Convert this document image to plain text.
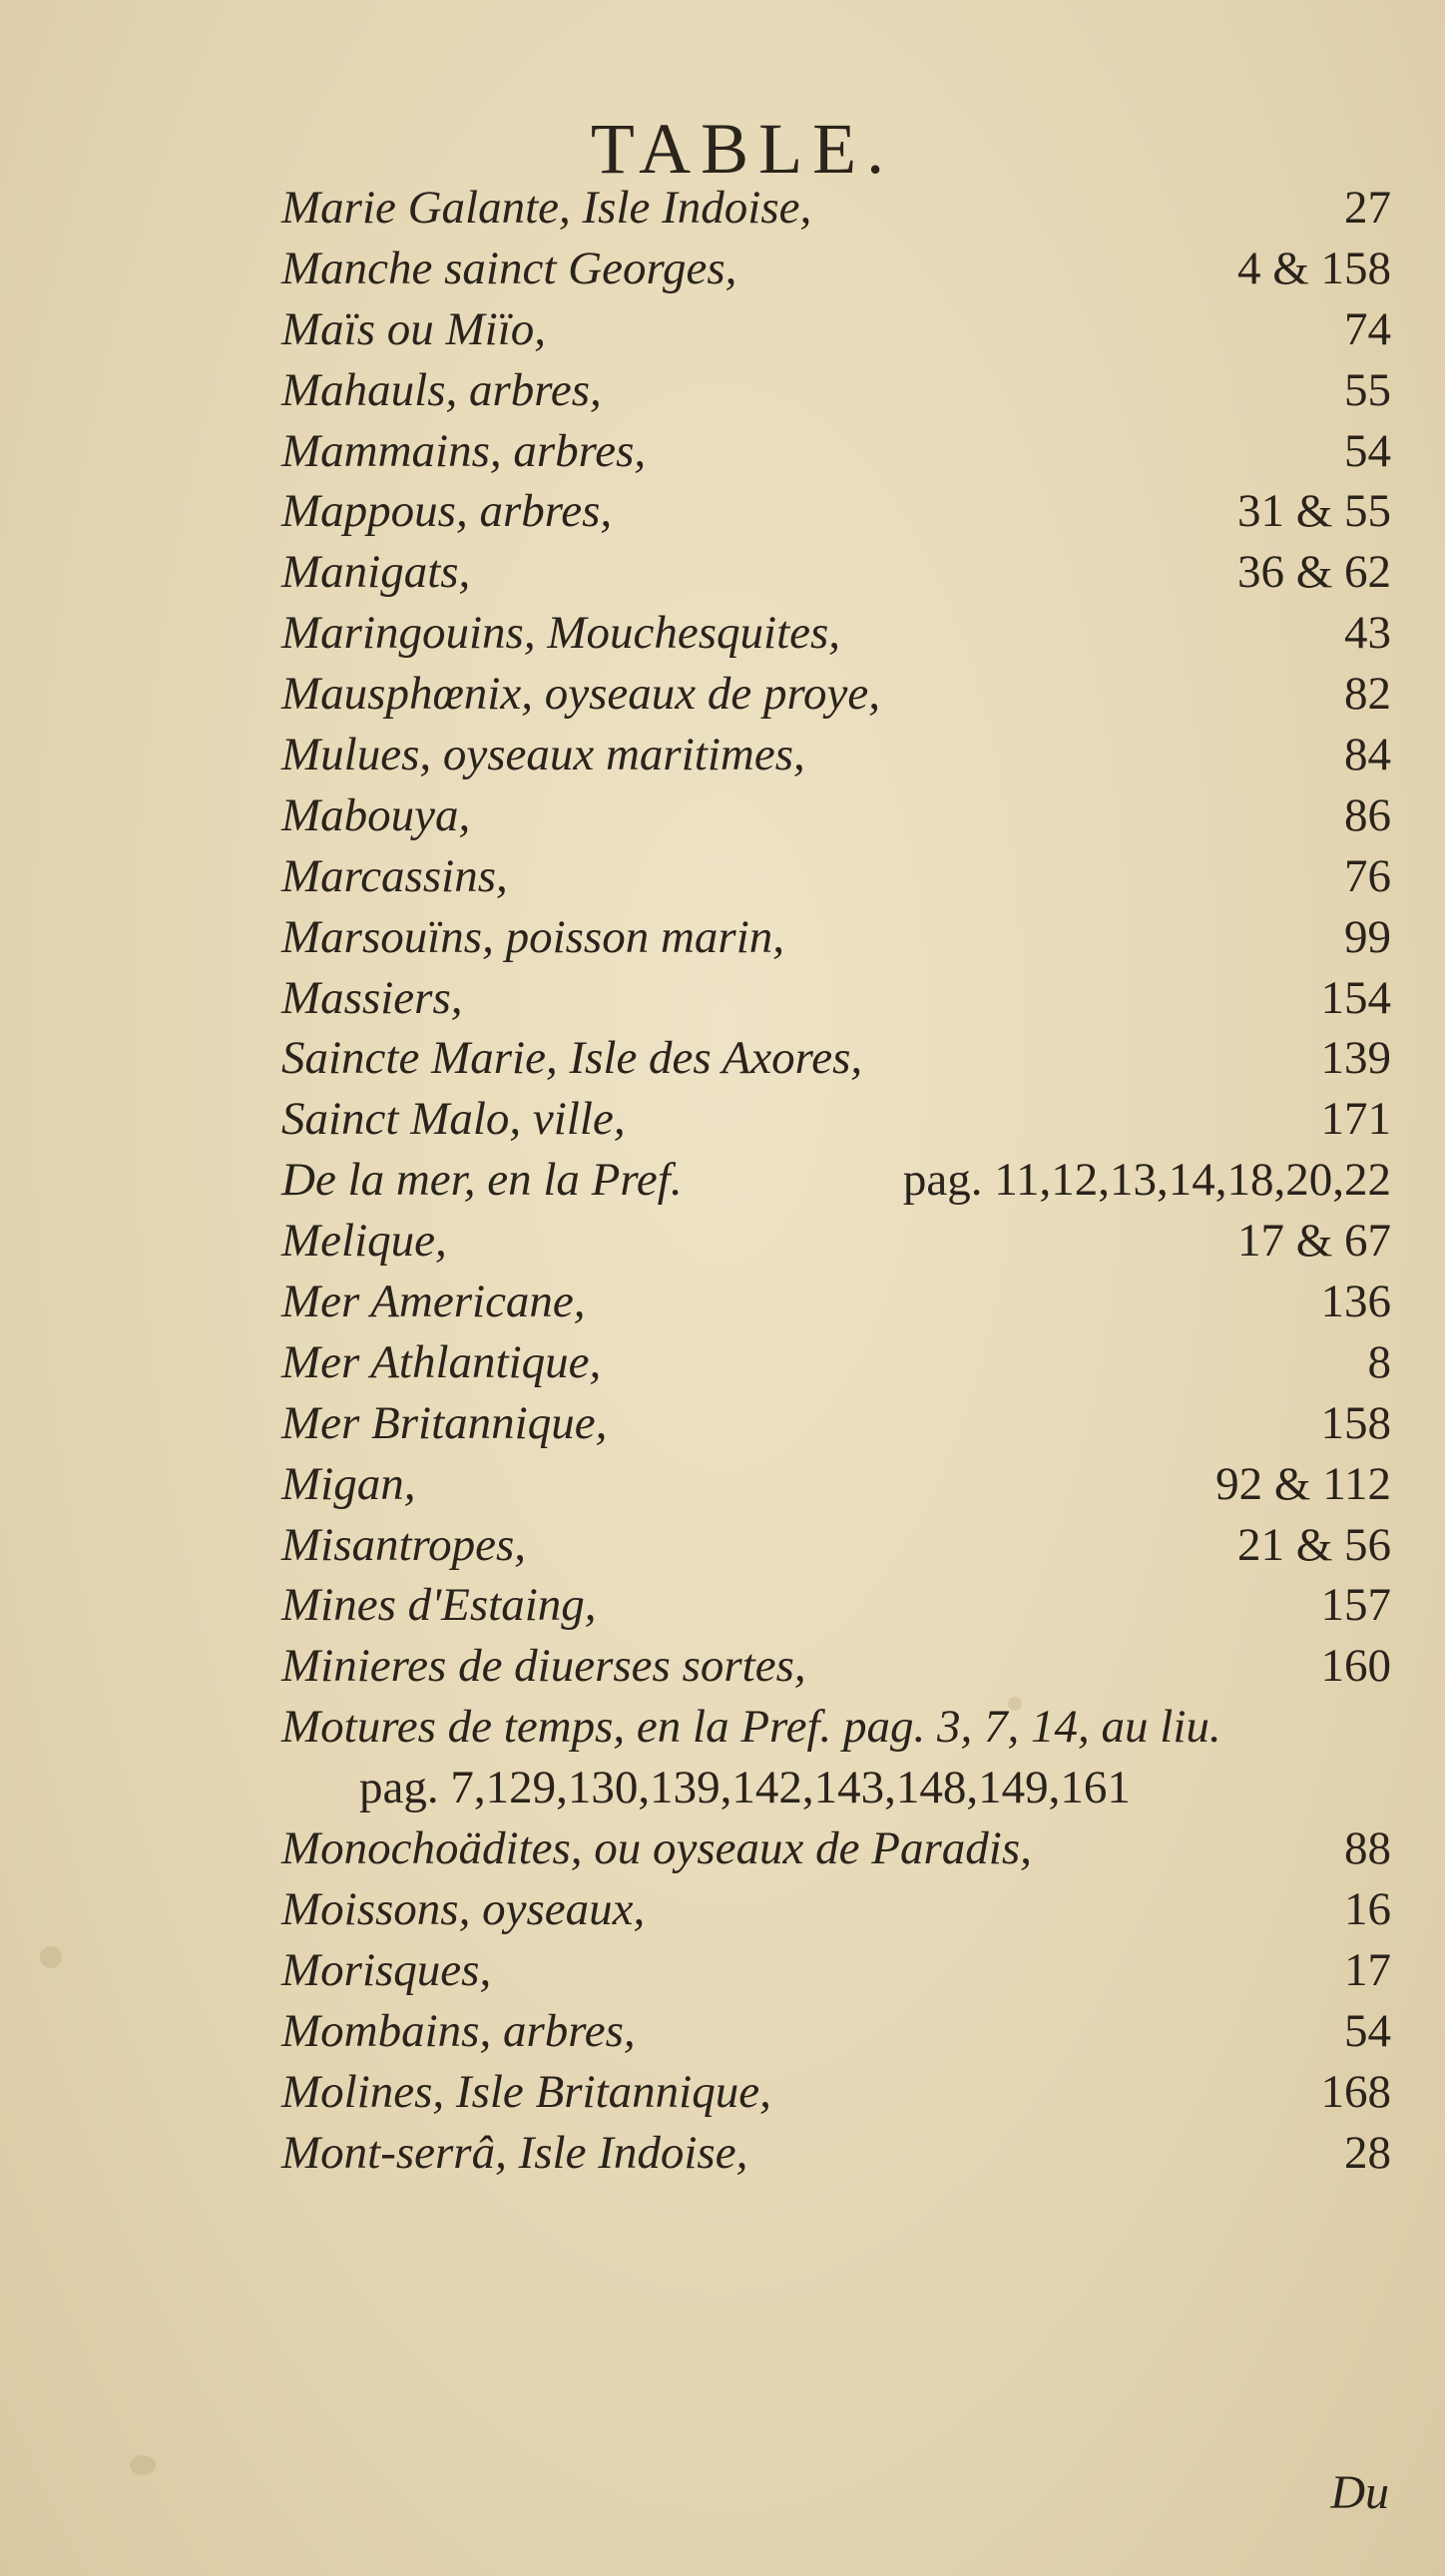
TABLE.
Marie Galante, Isle Indoise,	27
Manche sainct Georges,	4 & 158
Maïs ou Miïo,	74
Mahauls, arbres,	55
Mammains, arbres,	54
Mappous, arbres,	31 & 55
Manigats,	36 & 62
Maringouins, Mouchesquites,	43
Mausphœnix, oyseaux de proye,	82
Mulues, oyseaux maritimes,	84
Mabouya,	86
Marcassins,	76
Marsouïns, poisson marin,	99
Massiers,	154
Saincte Marie, Isle des Axores,	139
Sainct Malo, ville,	171
De la mer, en la Pref.	pag. 11,12,13,14,18,20,22
Melique,	17 & 67
Mer Americane,	136
Mer Athlantique,	8
Mer Britannique,	158
Migan,	92 & 112
Misantropes,	21 & 56
Mines d'Estaing,	157
Minieres de diuerses sortes,	160
Motures de temps, en la Pref. pag. 3, 7, 14, au liu.
pag. 7,129,130,139,142,143,148,149,161
Monochoädites, ou oyseaux de Paradis,	88
Moissons, oyseaux,	16
Morisques,	17
Mombains, arbres,	54
Molines, Isle Britannique,	168
Mont-serrâ, Isle Indoise,	28
Du
